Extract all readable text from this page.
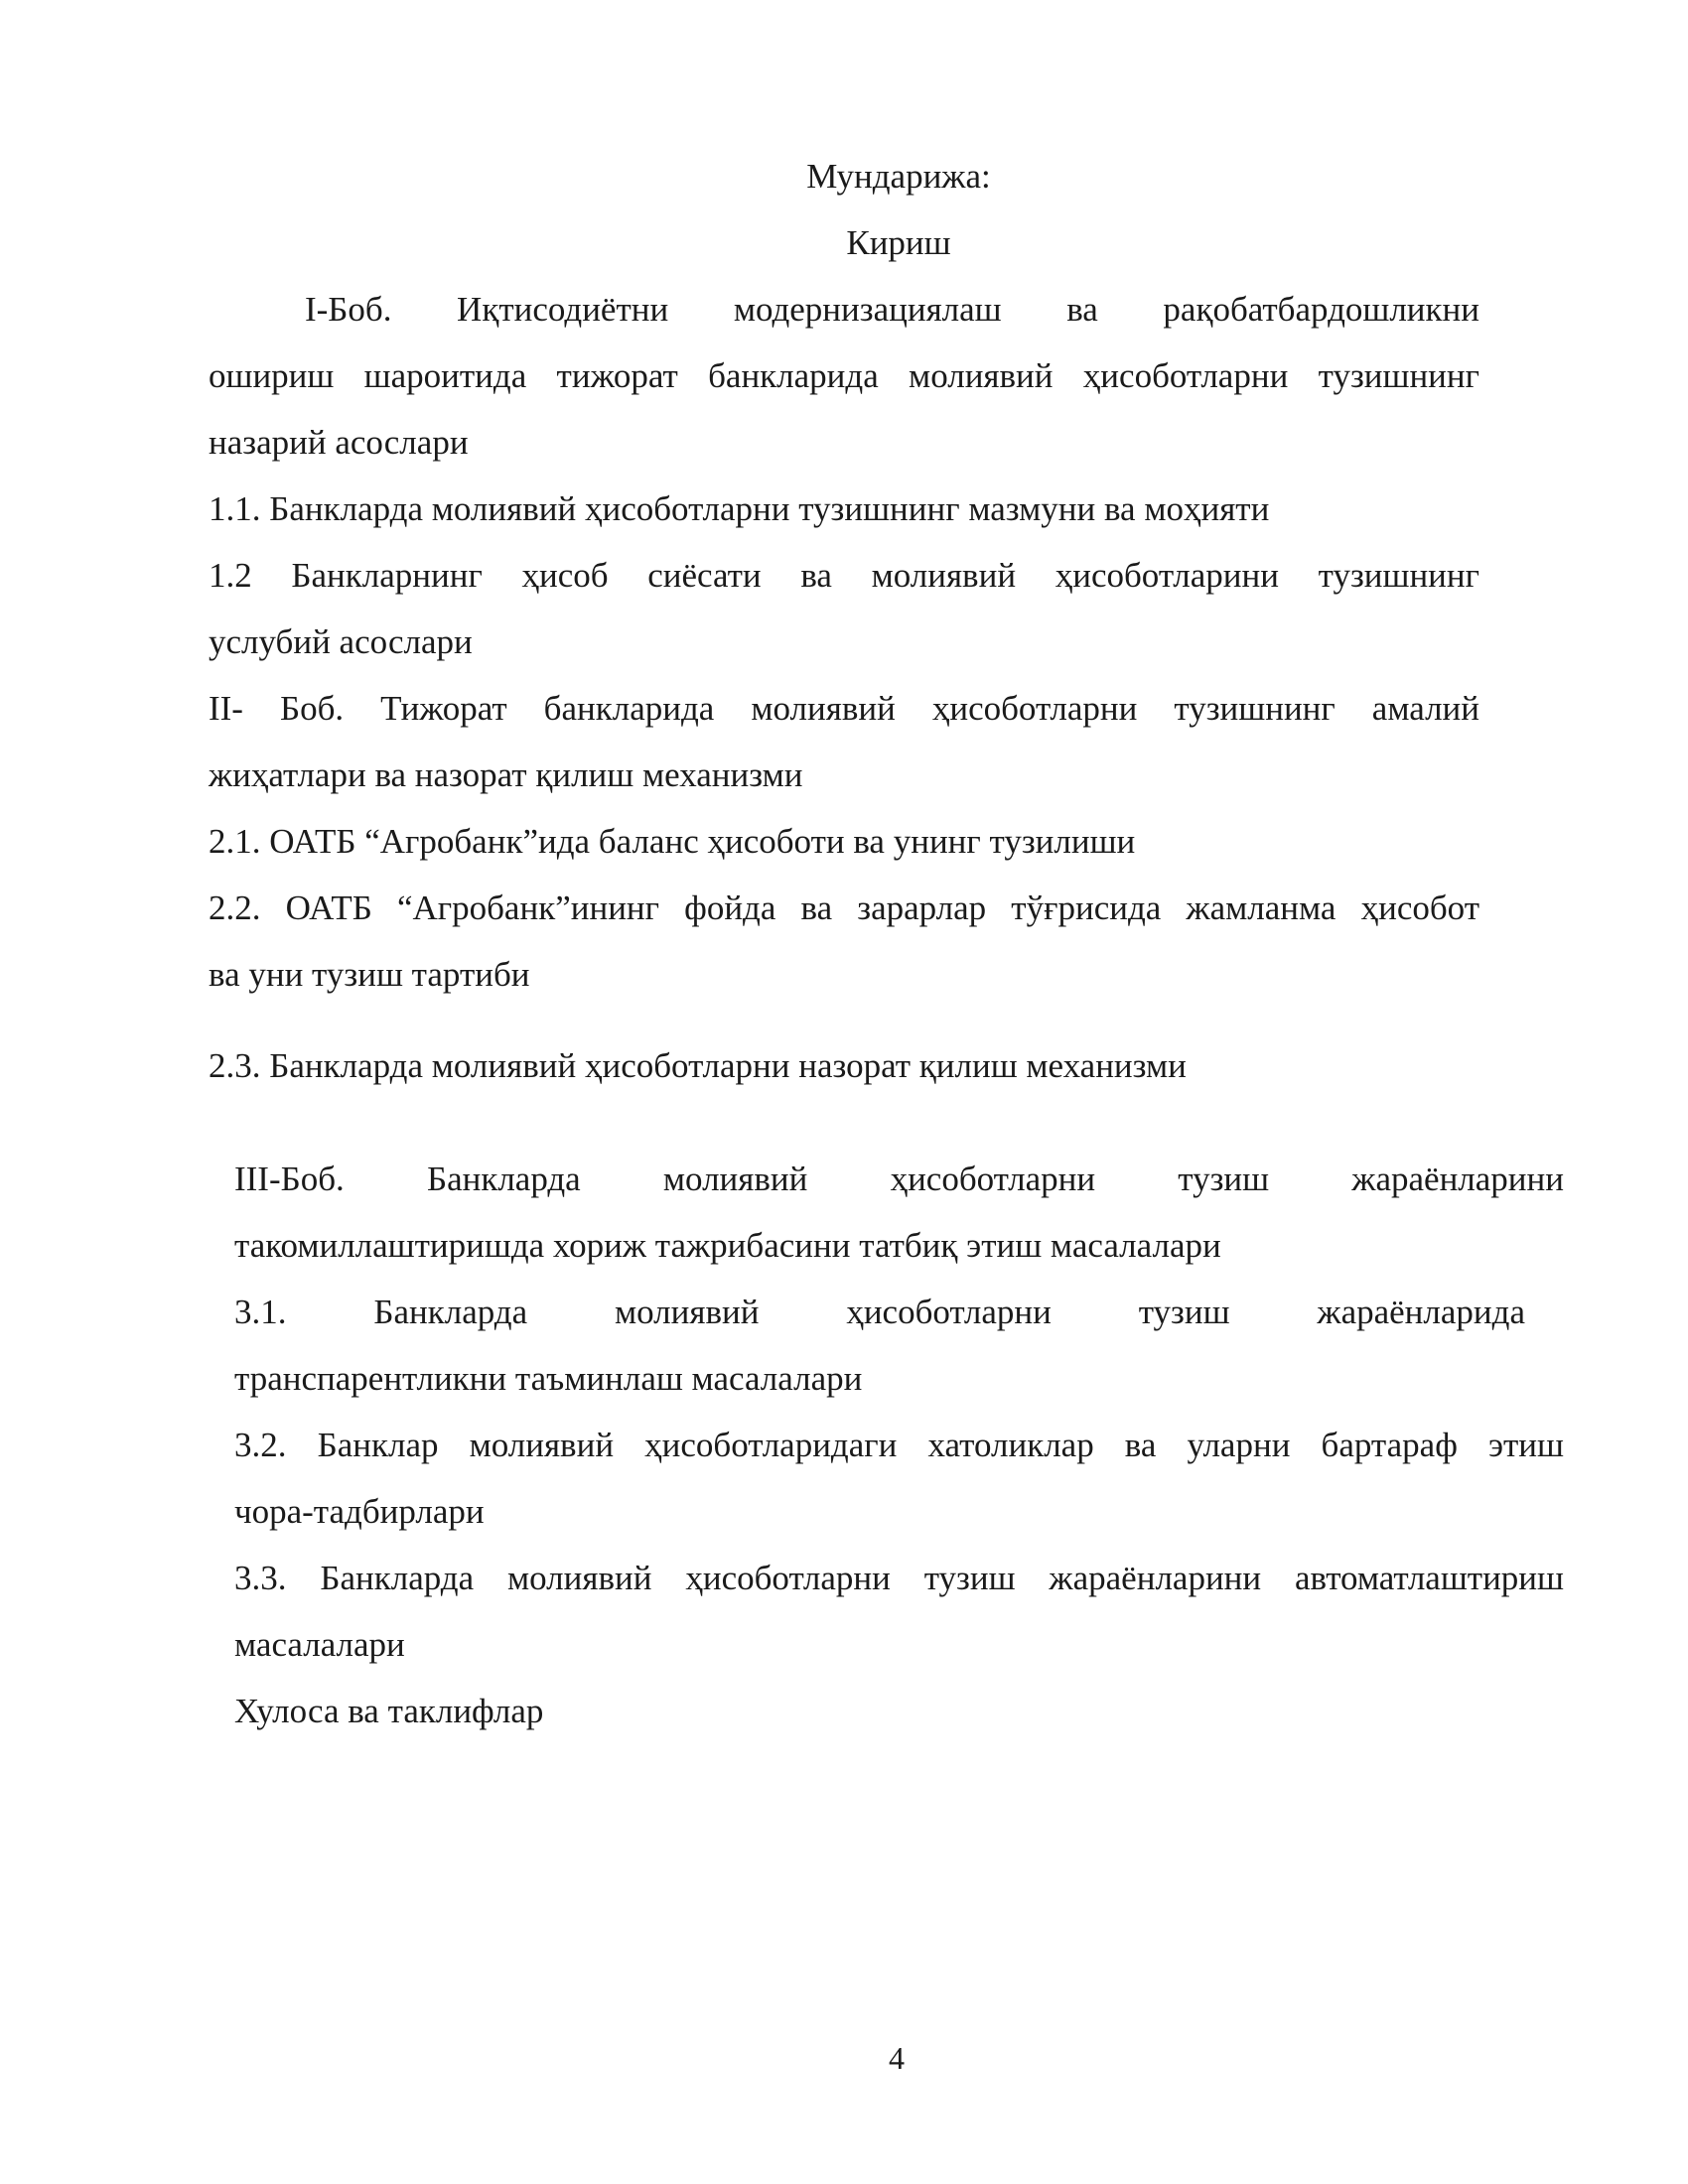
Мундарижа:
Кириш
I-Боб. Иқтисодиётни модернизациялаш ва рақобатбардошликни
ошириш шароитида тижорат банкларида молиявий ҳисоботларни тузишнинг
назарий асослари
1.1. Банкларда молиявий ҳисоботларни тузишнинг мазмуни ва моҳияти
1.2 Банкларнинг ҳисоб сиёсати ва молиявий ҳисоботларини тузишнинг
услубий асослари
II- Боб. Тижорат банкларида молиявий ҳисоботларни тузишнинг амалий
жиҳатлари ва назорат қилиш механизми
2.1. ОАТБ “Агробанк”ида баланс ҳисоботи ва унинг тузилиши
2.2. ОАТБ “Агробанк”ининг фойда ва зарарлар тўғрисида жамланма ҳисобот
ва уни тузиш тартиби
2.3. Банкларда молиявий ҳисоботларни назорат қилиш механизми
III-Боб. Банкларда молиявий ҳисоботларни тузиш жараёнларини
такомиллаштиришда хориж тажрибасини татбиқ этиш масалалари
3.1. Банкларда молиявий ҳисоботларни тузиш жараёнларида
транспарентликни таъминлаш масалалари
3.2. Банклар молиявий ҳисоботларидаги хатоликлар ва уларни бартараф этиш
чора-тадбирлари
3.3. Банкларда молиявий ҳисоботларни тузиш жараёнларини автоматлаштириш
масалалари
Хулоса ва таклифлар
4
